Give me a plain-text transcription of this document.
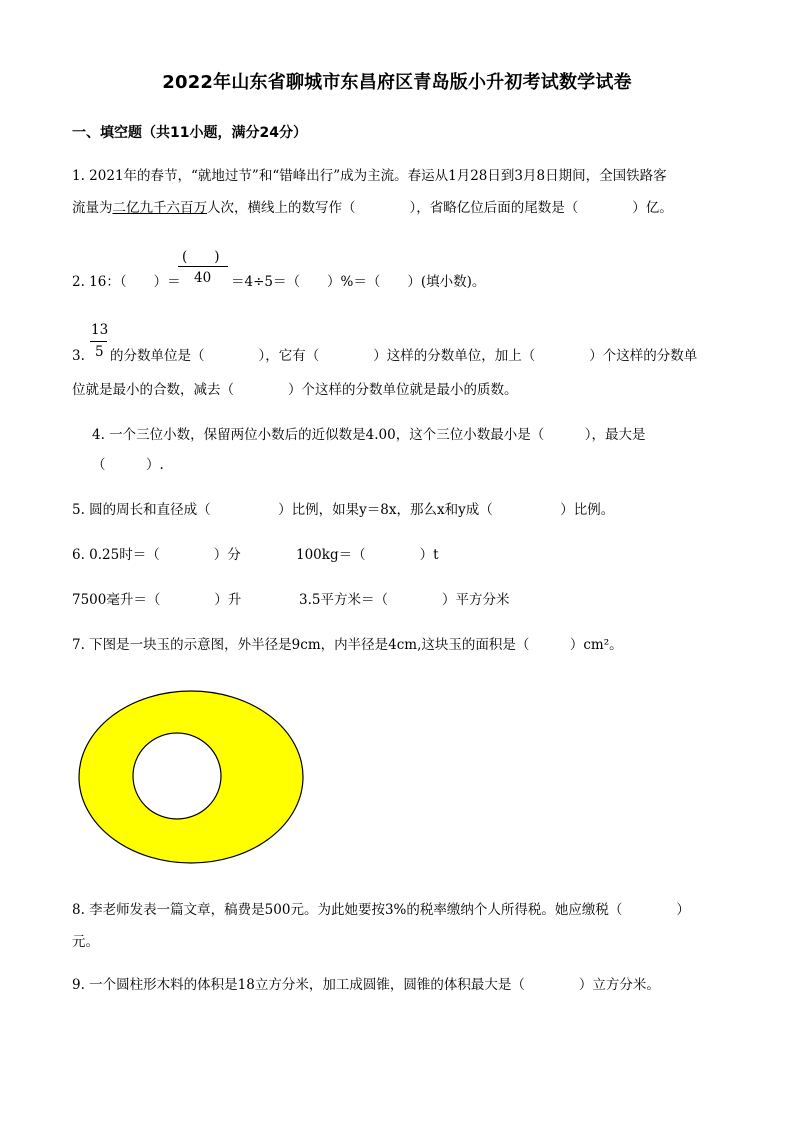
2022年山东省聊城市东昌府区青岛版小升初考试数学试卷
一、填空题（共11小题，满分24分）
1. 2021年的春节，“就地过节”和“错峰出行”成为主流。春运从1月28日到3月8日期间，全国铁路客
流量为二亿九千六百万人次，横线上的数写作（　　　　），省略亿位后面的尾数是（　　　　）亿。
(　　)
40
2. 16：（　　）＝	＝4÷5＝（　　）%＝（　　）(填小数)。
13
5
3. 的分数单位是（　　　　），它有（　　　　）这样的分数单位，加上（　　　　）个这样的分数单
位就是最小的合数，减去（　　　　）个这样的分数单位就是最小的质数。
4. 一个三位小数，保留两位小数后的近似数是4.00，这个三位小数最小是（　　　），最大是
（　　　）.
5. 圆的周长和直径成（　　　　　）比例，如果y＝8x，那么x和y成（　　　　　）比例。
6. 0.25时＝（　　　　）分	100kg＝（　　　　）t
7500毫升＝（　　　　）升	3.5平方米＝（　　　　）平方分米
7. 下图是一块玉的示意图，外半径是9cm，内半径是4cm,这块玉的面积是（　　　）cm²。
8. 李老师发表一篇文章，稿费是500元。为此她要按3%的税率缴纳个人所得税。她应缴税（　　　　）
元。
9. 一个圆柱形木料的体积是18立方分米，加工成圆锥，圆锥的体积最大是（　　　　）立方分米。
